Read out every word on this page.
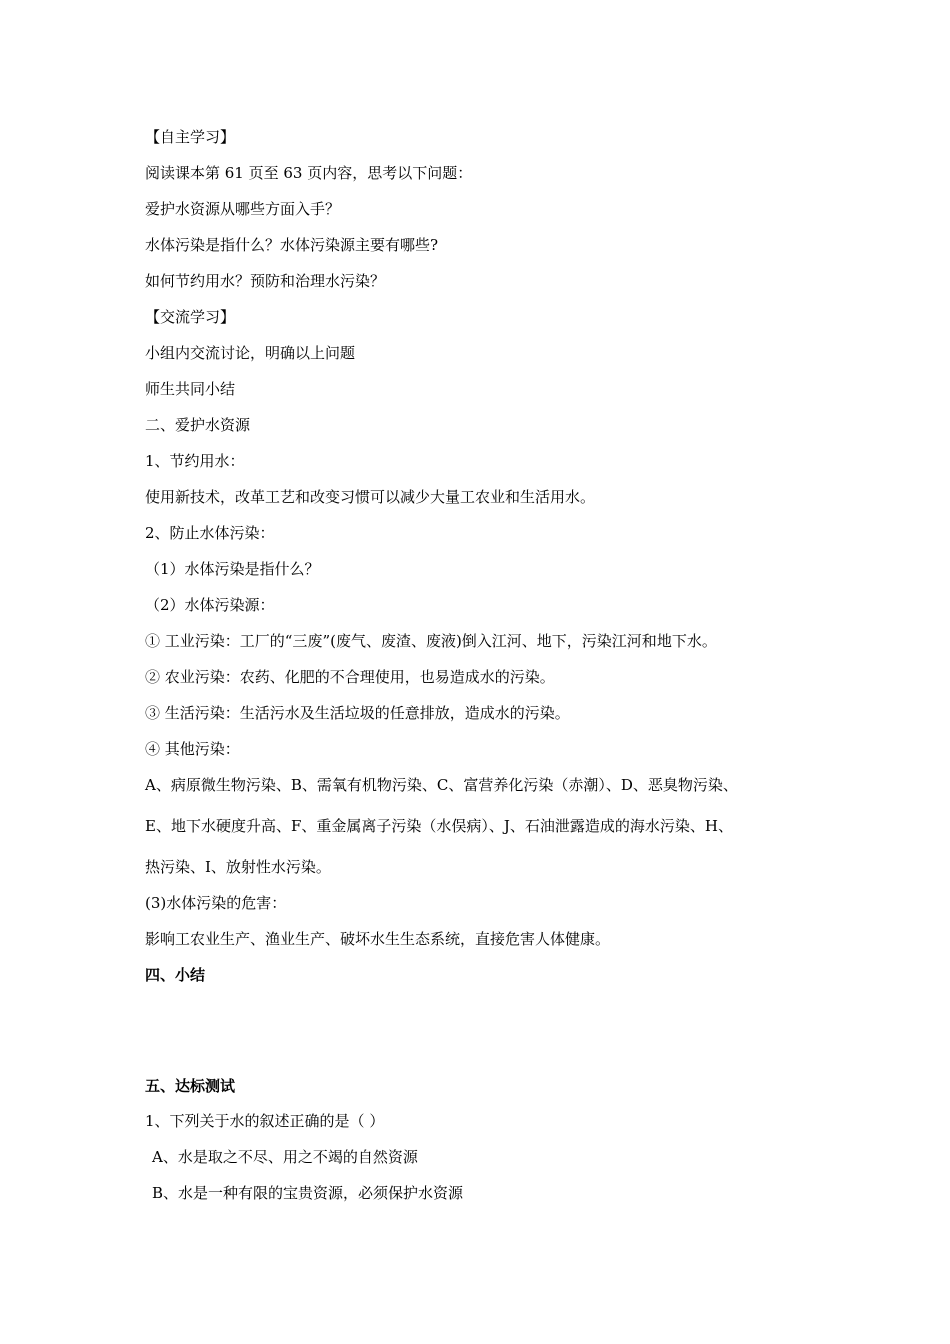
【自主学习】
阅读课本第 61 页至 63 页内容，思考以下问题：
爱护水资源从哪些方面入手？
水体污染是指什么？水体污染源主要有哪些?
如何节约用水？预防和治理水污染？
【交流学习】
小组内交流讨论，明确以上问题
师生共同小结
二、爱护水资源
1、节约用水：
使用新技术，改革工艺和改变习惯可以减少大量工农业和生活用水。
2、防止水体污染：
（1）水体污染是指什么？
（2）水体污染源：
① 工业污染：工厂的“三废”(废气、废渣、废液)倒入江河、地下，污染江河和地下水。
② 农业污染：农药、化肥的不合理使用，也易造成水的污染。
③ 生活污染：生活污水及生活垃圾的任意排放，造成水的污染。
④ 其他污染：
A、病原微生物污染、B、需氧有机物污染、C、富营养化污染（赤潮）、D、恶臭物污染、
E、地下水硬度升高、F、重金属离子污染（水俣病）、J、石油泄露造成的海水污染、H、
热污染、I、放射性水污染。
(3)水体污染的危害：
影响工农业生产、渔业生产、破坏水生生态系统，直接危害人体健康。
四、小结
五、达标测试
1、下列关于水的叙述正确的是（ ）
A、水是取之不尽、用之不竭的自然资源
B、水是一种有限的宝贵资源，必须保护水资源
